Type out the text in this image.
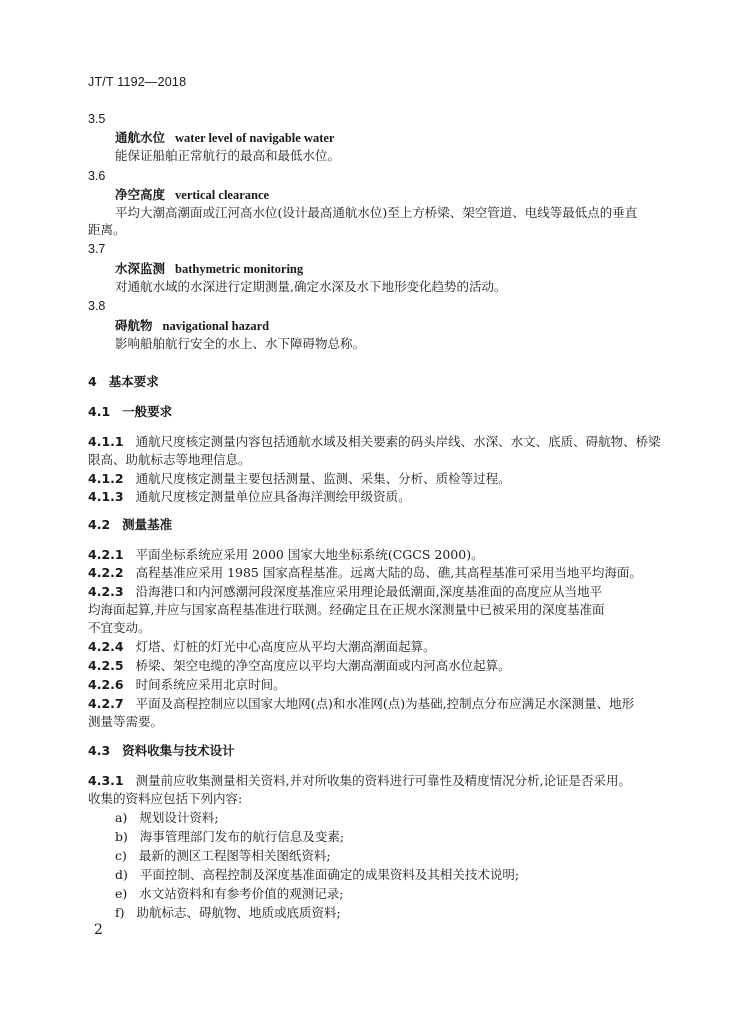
JT/T 1192—2018
3.5
通航水位 water level of navigable water
能保证船舶正常航行的最高和最低水位。
3.6
净空高度 vertical clearance
平均大潮高潮面或江河高水位(设计最高通航水位)至上方桥梁、架空管道、电线等最低点的垂直
距离。
3.7
水深监测 bathymetric monitoring
对通航水域的水深进行定期测量,确定水深及水下地形变化趋势的活动。
3.8
碍航物 navigational hazard
影响船舶航行安全的水上、水下障碍物总称。
4 基本要求
4.1 一般要求
4.1.1 通航尺度核定测量内容包括通航水域及相关要素的码头岸线、水深、水文、底质、碍航物、桥梁
限高、助航标志等地理信息。
4.1.2 通航尺度核定测量主要包括测量、监测、采集、分析、质检等过程。
4.1.3 通航尺度核定测量单位应具备海洋测绘甲级资质。
4.2 测量基准
4.2.1 平面坐标系统应采用 2000 国家大地坐标系统(CGCS 2000)。
4.2.2 高程基准应采用 1985 国家高程基准。远离大陆的岛、礁,其高程基准可采用当地平均海面。
4.2.3 沿海港口和内河感潮河段深度基准应采用理论最低潮面,深度基准面的高度应从当地平
均海面起算,并应与国家高程基准进行联测。经确定且在正规水深测量中已被采用的深度基准面
不宜变动。
4.2.4 灯塔、灯桩的灯光中心高度应从平均大潮高潮面起算。
4.2.5 桥梁、架空电缆的净空高度应以平均大潮高潮面或内河高水位起算。
4.2.6 时间系统应采用北京时间。
4.2.7 平面及高程控制应以国家大地网(点)和水准网(点)为基础,控制点分布应满足水深测量、地形
测量等需要。
4.3 资料收集与技术设计
4.3.1 测量前应收集测量相关资料,并对所收集的资料进行可靠性及精度情况分析,论证是否采用。
收集的资料应包括下列内容:
a) 规划设计资料;
b) 海事管理部门发布的航行信息及变素;
c) 最新的测区工程图等相关图纸资料;
d) 平面控制、高程控制及深度基准面确定的成果资料及其相关技术说明;
e) 水文站资料和有参考价值的观测记录;
f) 助航标志、碍航物、地质或底质资料;
2
